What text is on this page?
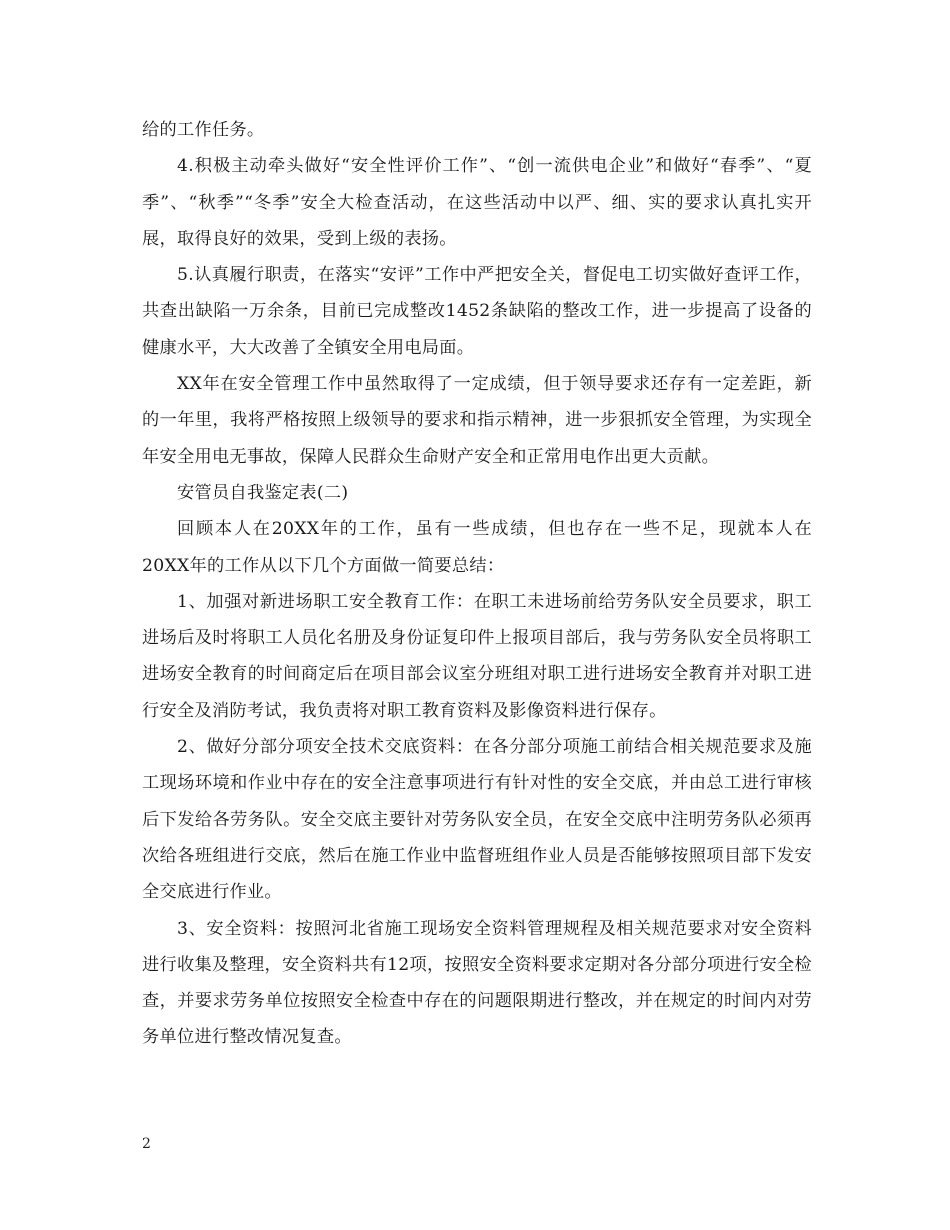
给的工作任务。

4.积极主动牵头做好“安全性评价工作”、“创一流供电企业”和做好“春季”、“夏季”、“秋季”“冬季”安全大检查活动，在这些活动中以严、细、实的要求认真扎实开展，取得良好的效果，受到上级的表扬。

5.认真履行职责，在落实“安评”工作中严把安全关，督促电工切实做好查评工作，共查出缺陷一万余条，目前已完成整改1452条缺陷的整改工作，进一步提高了设备的健康水平，大大改善了全镇安全用电局面。

XX年在安全管理工作中虽然取得了一定成绩，但于领导要求还存有一定差距，新的一年里，我将严格按照上级领导的要求和指示精神，进一步狠抓安全管理，为实现全年安全用电无事故，保障人民群众生命财产安全和正常用电作出更大贡献。

安管员自我鉴定表(二)

回顾本人在20XX年的工作，虽有一些成绩，但也存在一些不足，现就本人在20XX年的工作从以下几个方面做一简要总结：

1、加强对新进场职工安全教育工作：在职工未进场前给劳务队安全员要求，职工进场后及时将职工人员化名册及身份证复印件上报项目部后，我与劳务队安全员将职工进场安全教育的时间商定后在项目部会议室分班组对职工进行进场安全教育并对职工进行安全及消防考试，我负责将对职工教育资料及影像资料进行保存。

2、做好分部分项安全技术交底资料：在各分部分项施工前结合相关规范要求及施工现场环境和作业中存在的安全注意事项进行有针对性的安全交底，并由总工进行审核后下发给各劳务队。安全交底主要针对劳务队安全员，在安全交底中注明劳务队必须再次给各班组进行交底，然后在施工作业中监督班组作业人员是否能够按照项目部下发安全交底进行作业。

3、安全资料：按照河北省施工现场安全资料管理规程及相关规范要求对安全资料进行收集及整理，安全资料共有12项，按照安全资料要求定期对各分部分项进行安全检查，并要求劳务单位按照安全检查中存在的问题限期进行整改，并在规定的时间内对劳务单位进行整改情况复查。

2
